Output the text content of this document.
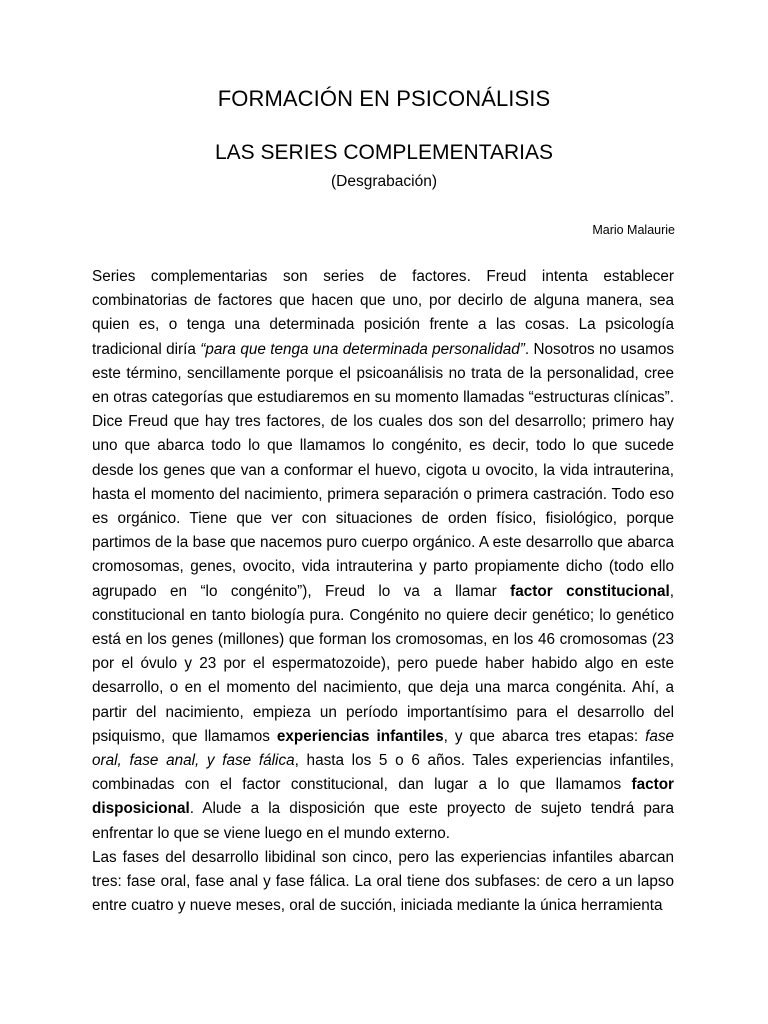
FORMACIÓN EN PSICONÁLISIS
LAS SERIES COMPLEMENTARIAS

(Desgrabación)

Mario Malaurie

Series complementarias son series de factores. Freud intenta establecer combinatorias de factores que hacen que uno, por decirlo de alguna manera, sea quien es, o tenga una determinada posición frente a las cosas. La psicología tradicional diría “para que tenga una determinada personalidad”. Nosotros no usamos este término, sencillamente porque el psicoanálisis no trata de la personalidad, cree en otras categorías que estudiaremos en su momento llamadas “estructuras clínicas”. Dice Freud que hay tres factores, de los cuales dos son del desarrollo; primero hay uno que abarca todo lo que llamamos lo congénito, es decir, todo lo que sucede desde los genes que van a conformar el huevo, cigota u ovocito, la vida intrauterina, hasta el momento del nacimiento, primera separación o primera castración. Todo eso es orgánico. Tiene que ver con situaciones de orden físico, fisiológico, porque partimos de la base que nacemos puro cuerpo orgánico. A este desarrollo que abarca cromosomas, genes, ovocito, vida intrauterina y parto propiamente dicho (todo ello agrupado en “lo congénito”), Freud lo va a llamar factor constitucional, constitucional en tanto biología pura. Congénito no quiere decir genético; lo genético está en los genes (millones) que forman los cromosomas, en los 46 cromosomas (23 por el óvulo y 23 por el espermatozoide), pero puede haber habido algo en este desarrollo, o en el momento del nacimiento, que deja una marca congénita. Ahí, a partir del nacimiento, empieza un período importantísimo para el desarrollo del psiquismo, que llamamos experiencias infantiles, y que abarca tres etapas: fase oral, fase anal, y fase fálica, hasta los 5 o 6 años. Tales experiencias infantiles, combinadas con el factor constitucional, dan lugar a lo que llamamos factor disposicional. Alude a la disposición que este proyecto de sujeto tendrá para enfrentar lo que se viene luego en el mundo externo.

Las fases del desarrollo libidinal son cinco, pero las experiencias infantiles abarcan tres: fase oral, fase anal y fase fálica. La oral tiene dos subfases: de cero a un lapso entre cuatro y nueve meses, oral de succión, iniciada mediante la única herramienta
